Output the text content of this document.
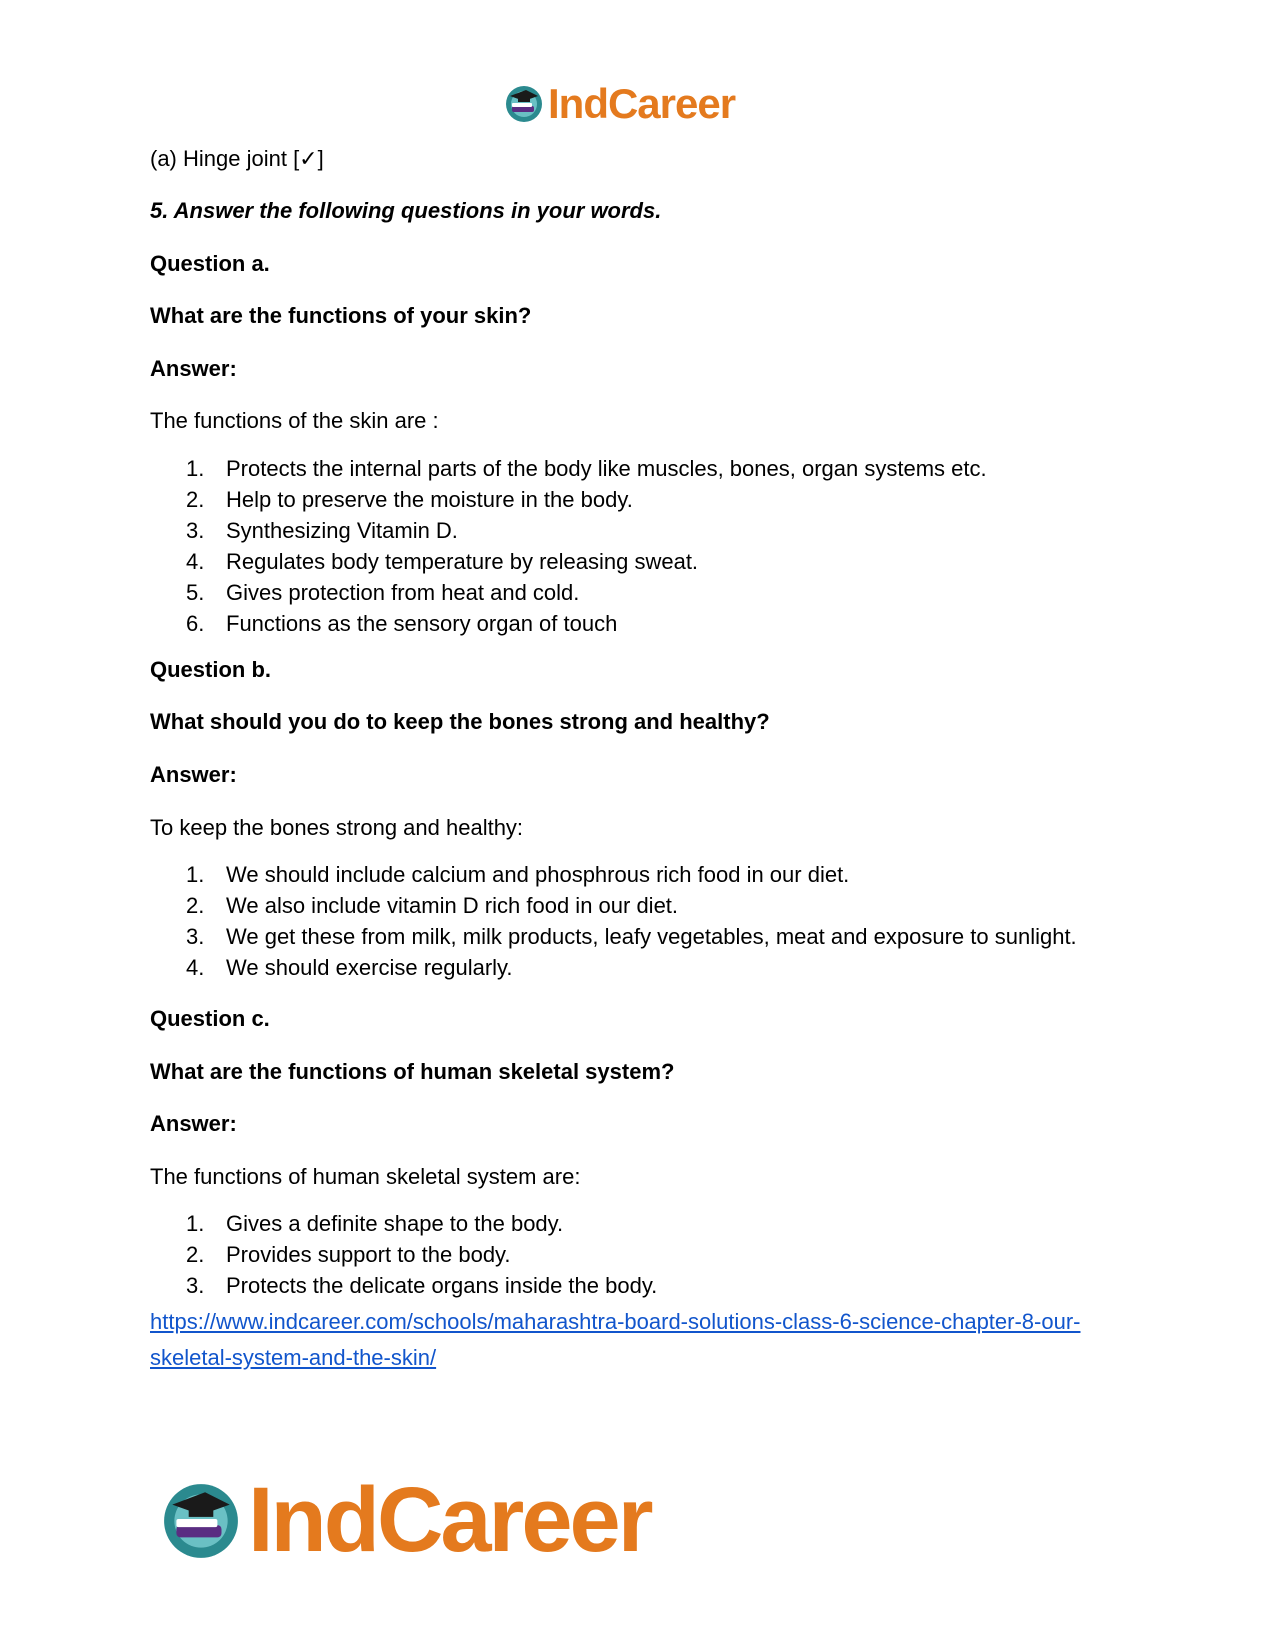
IndCareer
(a) Hinge joint [✓]
5. Answer the following questions in your words.
Question a.
What are the functions of your skin?
Answer:
The functions of the skin are :
1. Protects the internal parts of the body like muscles, bones, organ systems etc.
2. Help to preserve the moisture in the body.
3. Synthesizing Vitamin D.
4. Regulates body temperature by releasing sweat.
5. Gives protection from heat and cold.
6. Functions as the sensory organ of touch
Question b.
What should you do to keep the bones strong and healthy?
Answer:
To keep the bones strong and healthy:
1. We should include calcium and phosphrous rich food in our diet.
2. We also include vitamin D rich food in our diet.
3. We get these from milk, milk products, leafy vegetables, meat and exposure to sunlight.
4. We should exercise regularly.
Question c.
What are the functions of human skeletal system?
Answer:
The functions of human skeletal system are:
1. Gives a definite shape to the body.
2. Provides support to the body.
3. Protects the delicate organs inside the body.
https://www.indcareer.com/schools/maharashtra-board-solutions-class-6-science-chapter-8-our-
skeletal-system-and-the-skin/
IndCareer
